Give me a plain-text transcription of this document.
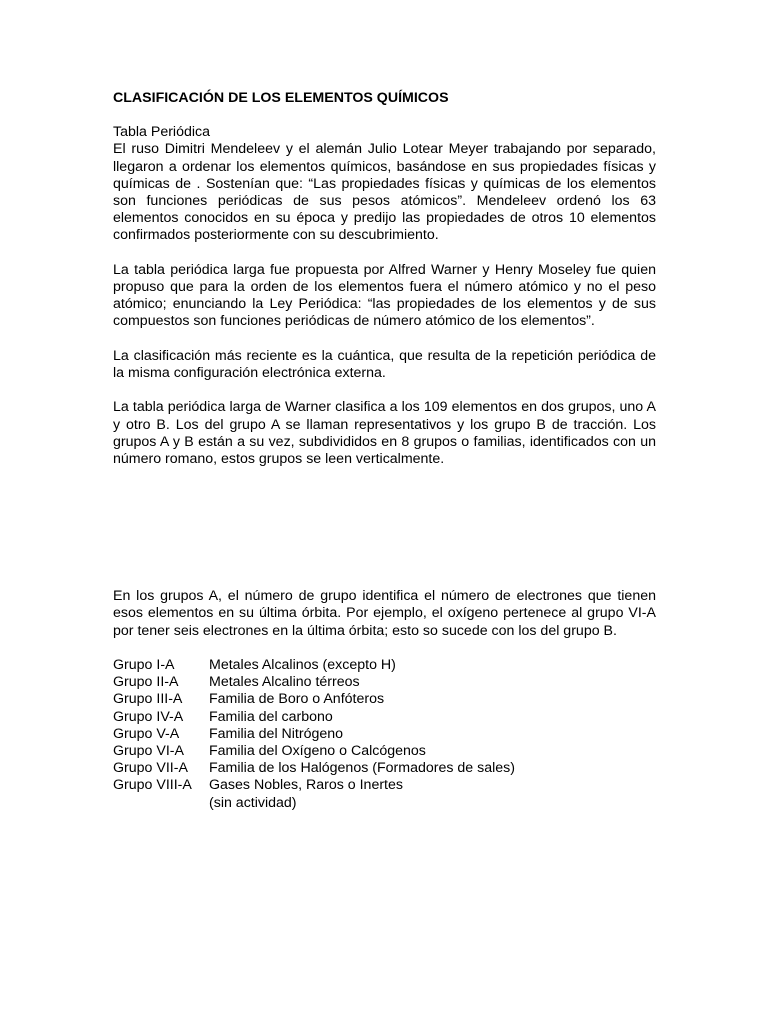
CLASIFICACIÓN DE LOS ELEMENTOS QUÍMICOS

Tabla Periódica

El ruso Dimitri Mendeleev y el alemán Julio Lotear Meyer trabajando por separado, llegaron a ordenar los elementos químicos, basándose en sus propiedades físicas y químicas de . Sostenían que: “Las propiedades físicas y químicas de los elementos son funciones periódicas de sus pesos atómicos”. Mendeleev ordenó los 63 elementos conocidos en su época y predijo las propiedades de otros 10 elementos confirmados posteriormente con su descubrimiento.

La tabla periódica larga fue propuesta por Alfred Warner y Henry Moseley fue quien propuso que para la orden de los elementos fuera el número atómico y no el peso atómico; enunciando la Ley Periódica: “las propiedades de los elementos y de sus compuestos son funciones periódicas de número atómico de los elementos”.

La clasificación más reciente es la cuántica, que resulta de la repetición periódica de la misma configuración electrónica externa.

La tabla periódica larga de Warner clasifica a los 109 elementos en dos grupos, uno A y otro B. Los del grupo A se llaman representativos y los grupo B de tracción. Los grupos A y B están a su vez, subdivididos en 8 grupos o familias, identificados con un número romano, estos grupos se leen verticalmente.

En los grupos A, el número de grupo identifica el número de electrones que tienen esos elementos en su última órbita. Por ejemplo, el oxígeno pertenece al grupo VI-A por tener seis electrones en la última órbita; esto so sucede con los del grupo B.

Grupo I-A	Metales Alcalinos (excepto H)
Grupo II-A	Metales Alcalino térreos
Grupo III-A	Familia de Boro o Anfóteros
Grupo IV-A	Familia del carbono
Grupo V-A	Familia del Nitrógeno
Grupo VI-A	Familia del Oxígeno o Calcógenos
Grupo VII-A	Familia de los Halógenos (Formadores de sales)
Grupo VIII-A	Gases Nobles, Raros o Inertes
(sin actividad)
